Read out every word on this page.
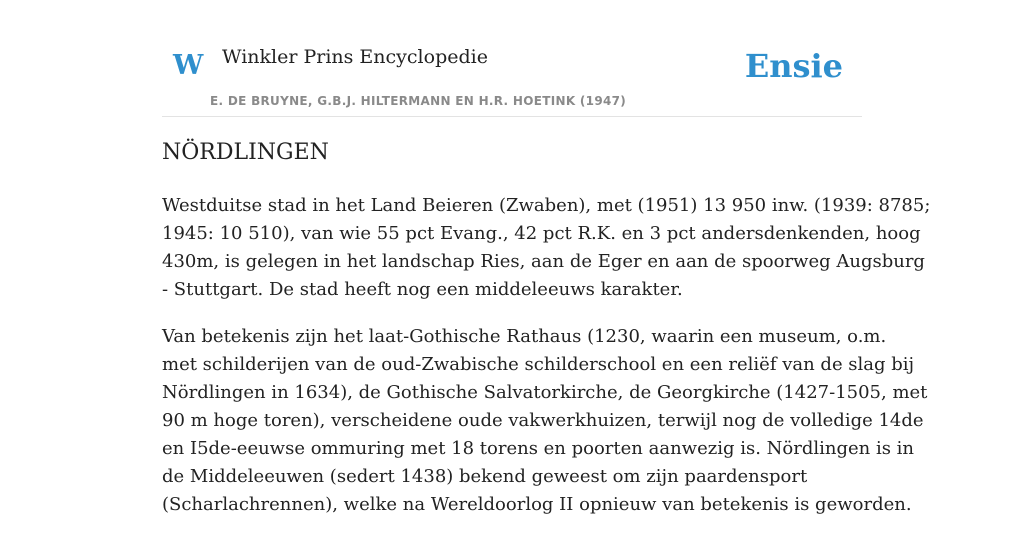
W Winkler Prins Encyclopedie	Ensie
E. DE BRUYNE, G.B.J. HILTERMANN EN H.R. HOETINK (1947)
NÖRDLINGEN

Westduitse stad in het Land Beieren (Zwaben), met (1951) 13 950 inw. (1939: 8785;
1945: 10 510), van wie 55 pct Evang., 42 pct R.K. en 3 pct andersdenkenden, hoog
430m, is gelegen in het landschap Ries, aan de Eger en aan de spoorweg Augsburg
- Stuttgart. De stad heeft nog een middeleeuws karakter.

Van betekenis zijn het laat-Gothische Rathaus (1230, waarin een museum, o.m.
met schilderijen van de oud-Zwabische schilderschool en een reliëf van de slag bij
Nördlingen in 1634), de Gothische Salvatorkirche, de Georgkirche (1427-1505, met
90 m hoge toren), verscheidene oude vakwerkhuizen, terwijl nog de volledige 14de
en I5de-eeuwse ommuring met 18 torens en poorten aanwezig is. Nördlingen is in
de Middeleeuwen (sedert 1438) bekend geweest om zijn paardensport
(Scharlachrennen), welke na Wereldoorlog II opnieuw van betekenis is geworden.
